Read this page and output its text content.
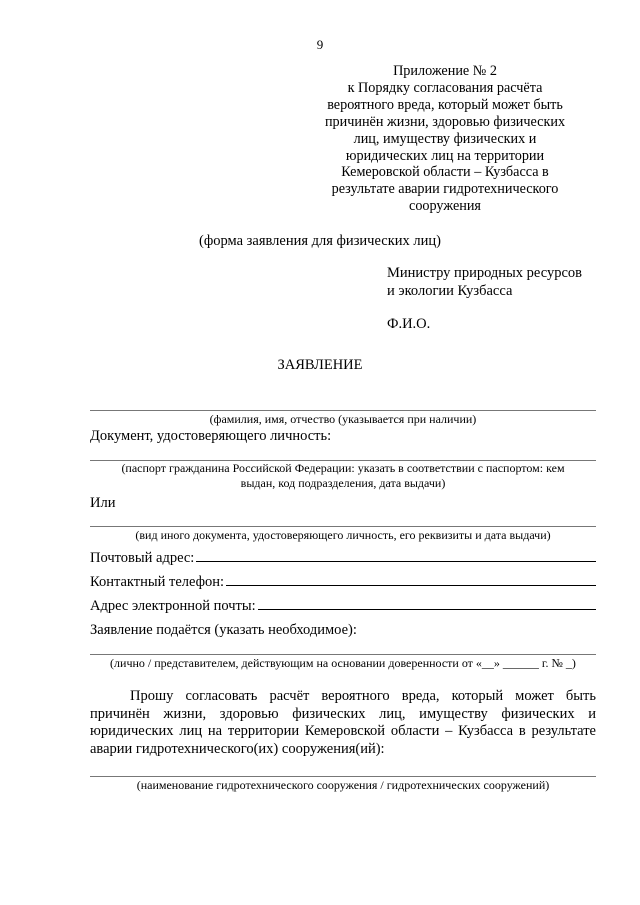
9
Приложение № 2
к Порядку согласования расчёта
вероятного вреда, который может быть
причинён жизни, здоровью физических
лиц, имуществу физических и
юридических лиц на территории
Кемеровской области – Кузбасса в
результате аварии гидротехнического
сооружения
(форма заявления для физических лиц)
Министру природных ресурсов
и экологии Кузбасса
Ф.И.О.
ЗАЯВЛЕНИЕ
(фамилия, имя, отчество (указывается при наличии)
Документ, удостоверяющего личность:
(паспорт гражданина Российской Федерации: указать в соответствии с паспортом: кем
выдан, код подразделения, дата выдачи)
Или
(вид иного документа, удостоверяющего личность, его реквизиты и дата выдачи)
Почтовый адрес:
Контактный телефон:
Адрес электронной почты:
Заявление подаётся (указать необходимое):
(лично / представителем, действующим на основании доверенности от «__» ______ г. № _)
Прошу согласовать расчёт вероятного вреда, который может быть причинён жизни, здоровью физических лиц, имуществу физических и юридических лиц на территории Кемеровской области – Кузбасса в результате аварии гидротехнического(их) сооружения(ий):
(наименование гидротехнического сооружения / гидротехнических сооружений)
